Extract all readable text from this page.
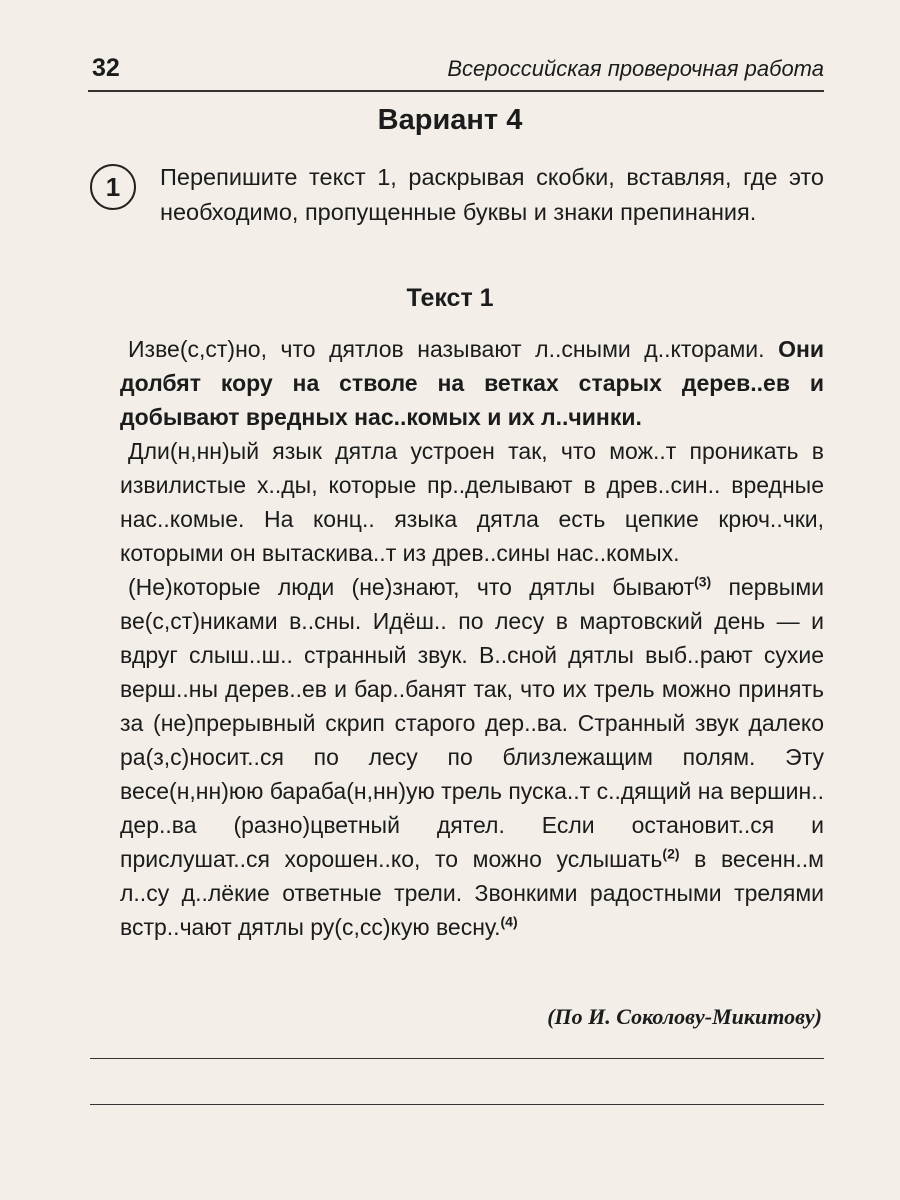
32	Всероссийская проверочная работа
Вариант 4
1	Перепишите текст 1, раскрывая скобки, вставляя, где это необходимо, пропущенные буквы и знаки препинания.
Текст 1

Изве(с,ст)но, что дятлов называют л..сными д..кторами. Они долбят кору на стволе на ветках старых дерев..ев и добывают вредных нас..комых и их л..чинки.

Дли(н,нн)ый язык дятла устроен так, что мож..т проникать в извилистые х..ды, которые пр..делывают в древ..син.. вредные нас..комые. На конц.. языка дятла есть цепкие крюч..чки, которыми он вытаскива..т из древ..сины нас..комых.

(Не)которые люди (не)знают, что дятлы бывают$^{(3)}$ первыми ве(с,ст)никами в..сны. Идёш.. по лесу в мартовский день — и вдруг слыш..ш.. странный звук. В..сной дятлы выб..рают сухие верш..ны дерев..ев и бар..банят так, что их трель можно принять за (не)прерывный скрип старого дер..ва. Странный звук далеко ра(з,с)носит..ся по лесу по близлежащим полям. Эту весе(н,нн)юю бараба(н,нн)ую трель пуска..т с..дящий на вершин.. дер..ва (разно)цветный дятел. Если остановит..ся и прислушат..ся хорошен..ко, то можно услышать$^{(2)}$ в весенн..м л..су д..лёкие ответные трели. Звонкими радостными трелями встр..чают дятлы ру(с,сс)кую весну.$^{(4)}$

(По И. Соколову-Микитову)
